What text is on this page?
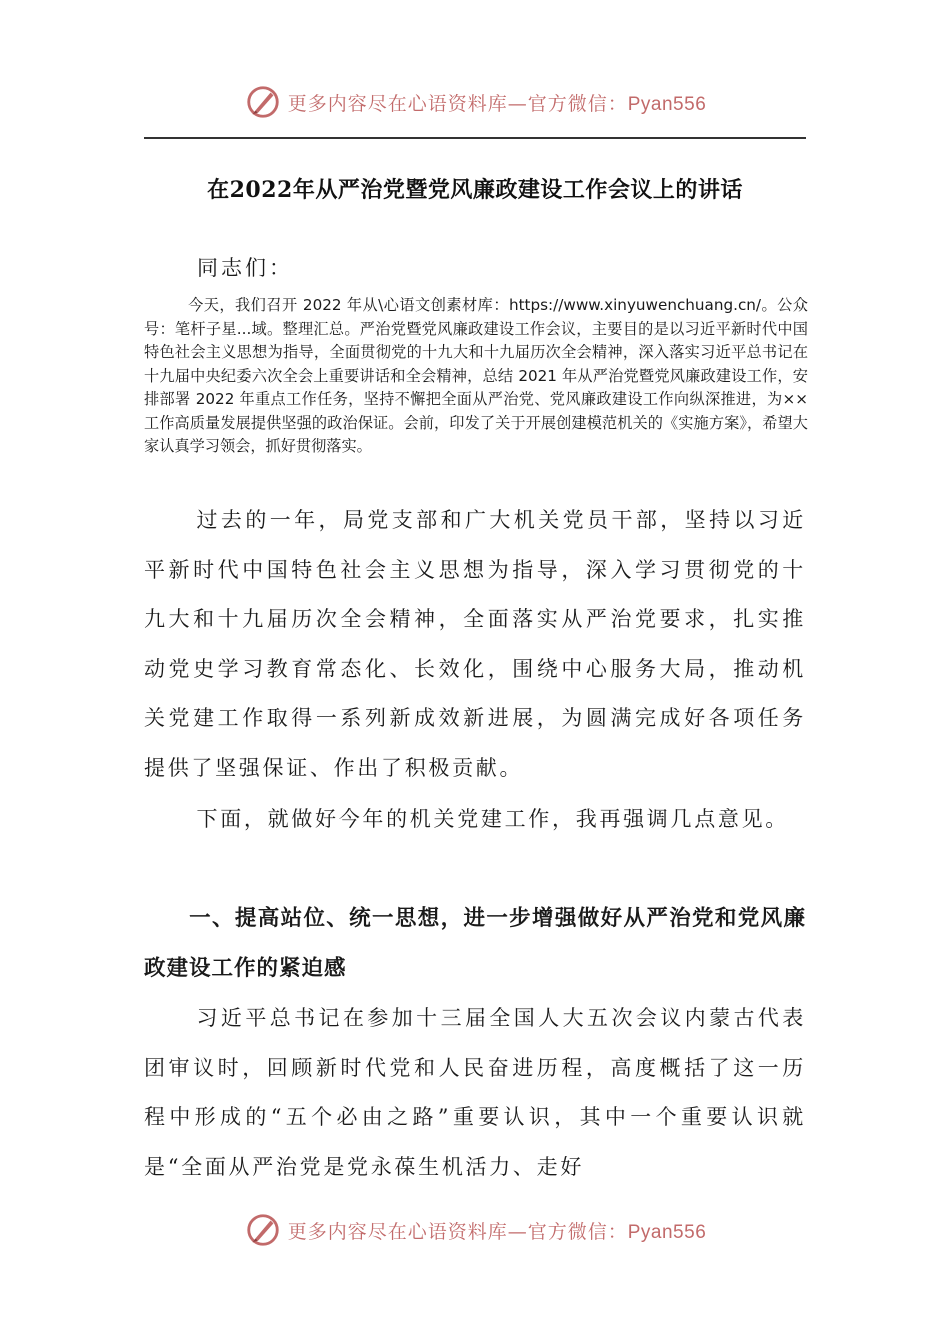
更多内容尽在心语资料库—官方微信：Pyan556
在2022年从严治党暨党风廉政建设工作会议上的讲话
同志们：
今天，我们召开 2022 年从\心语文创素材库：https://www.xinyuwenchuang.cn/。公众号：笔杆子星...域。整理汇总。严治党暨党风廉政建设工作会议，主要目的是以习近平新时代中国特色社会主义思想为指导，全面贯彻党的十九大和十九届历次全会精神，深入落实习近平总书记在十九届中央纪委六次全会上重要讲话和全会精神，总结 2021 年从严治党暨党风廉政建设工作，安排部署 2022 年重点工作任务，坚持不懈把全面从严治党、党风廉政建设工作向纵深推进，为××工作高质量发展提供坚强的政治保证。会前，印发了关于开展创建模范机关的《实施方案》，希望大家认真学习领会，抓好贯彻落实。

过去的一年，局党支部和广大机关党员干部，坚持以习近平新时代中国特色社会主义思想为指导，深入学习贯彻党的十九大和十九届历次全会精神，全面落实从严治党要求，扎实推动党史学习教育常态化、长效化，围绕中心服务大局，推动机关党建工作取得一系列新成效新进展，为圆满完成好各项任务提供了坚强保证、作出了积极贡献。

下面，就做好今年的机关党建工作，我再强调几点意见。

一、提高站位、统一思想，进一步增强做好从严治党和党风廉政建设工作的紧迫感

习近平总书记在参加十三届全国人大五次会议内蒙古代表团审议时，回顾新时代党和人民奋进历程，高度概括了这一历程中形成的“五个必由之路”重要认识，其中一个重要认识就是“全面从严治党是党永葆生机活力、走好

更多内容尽在心语资料库—官方微信：Pyan556
